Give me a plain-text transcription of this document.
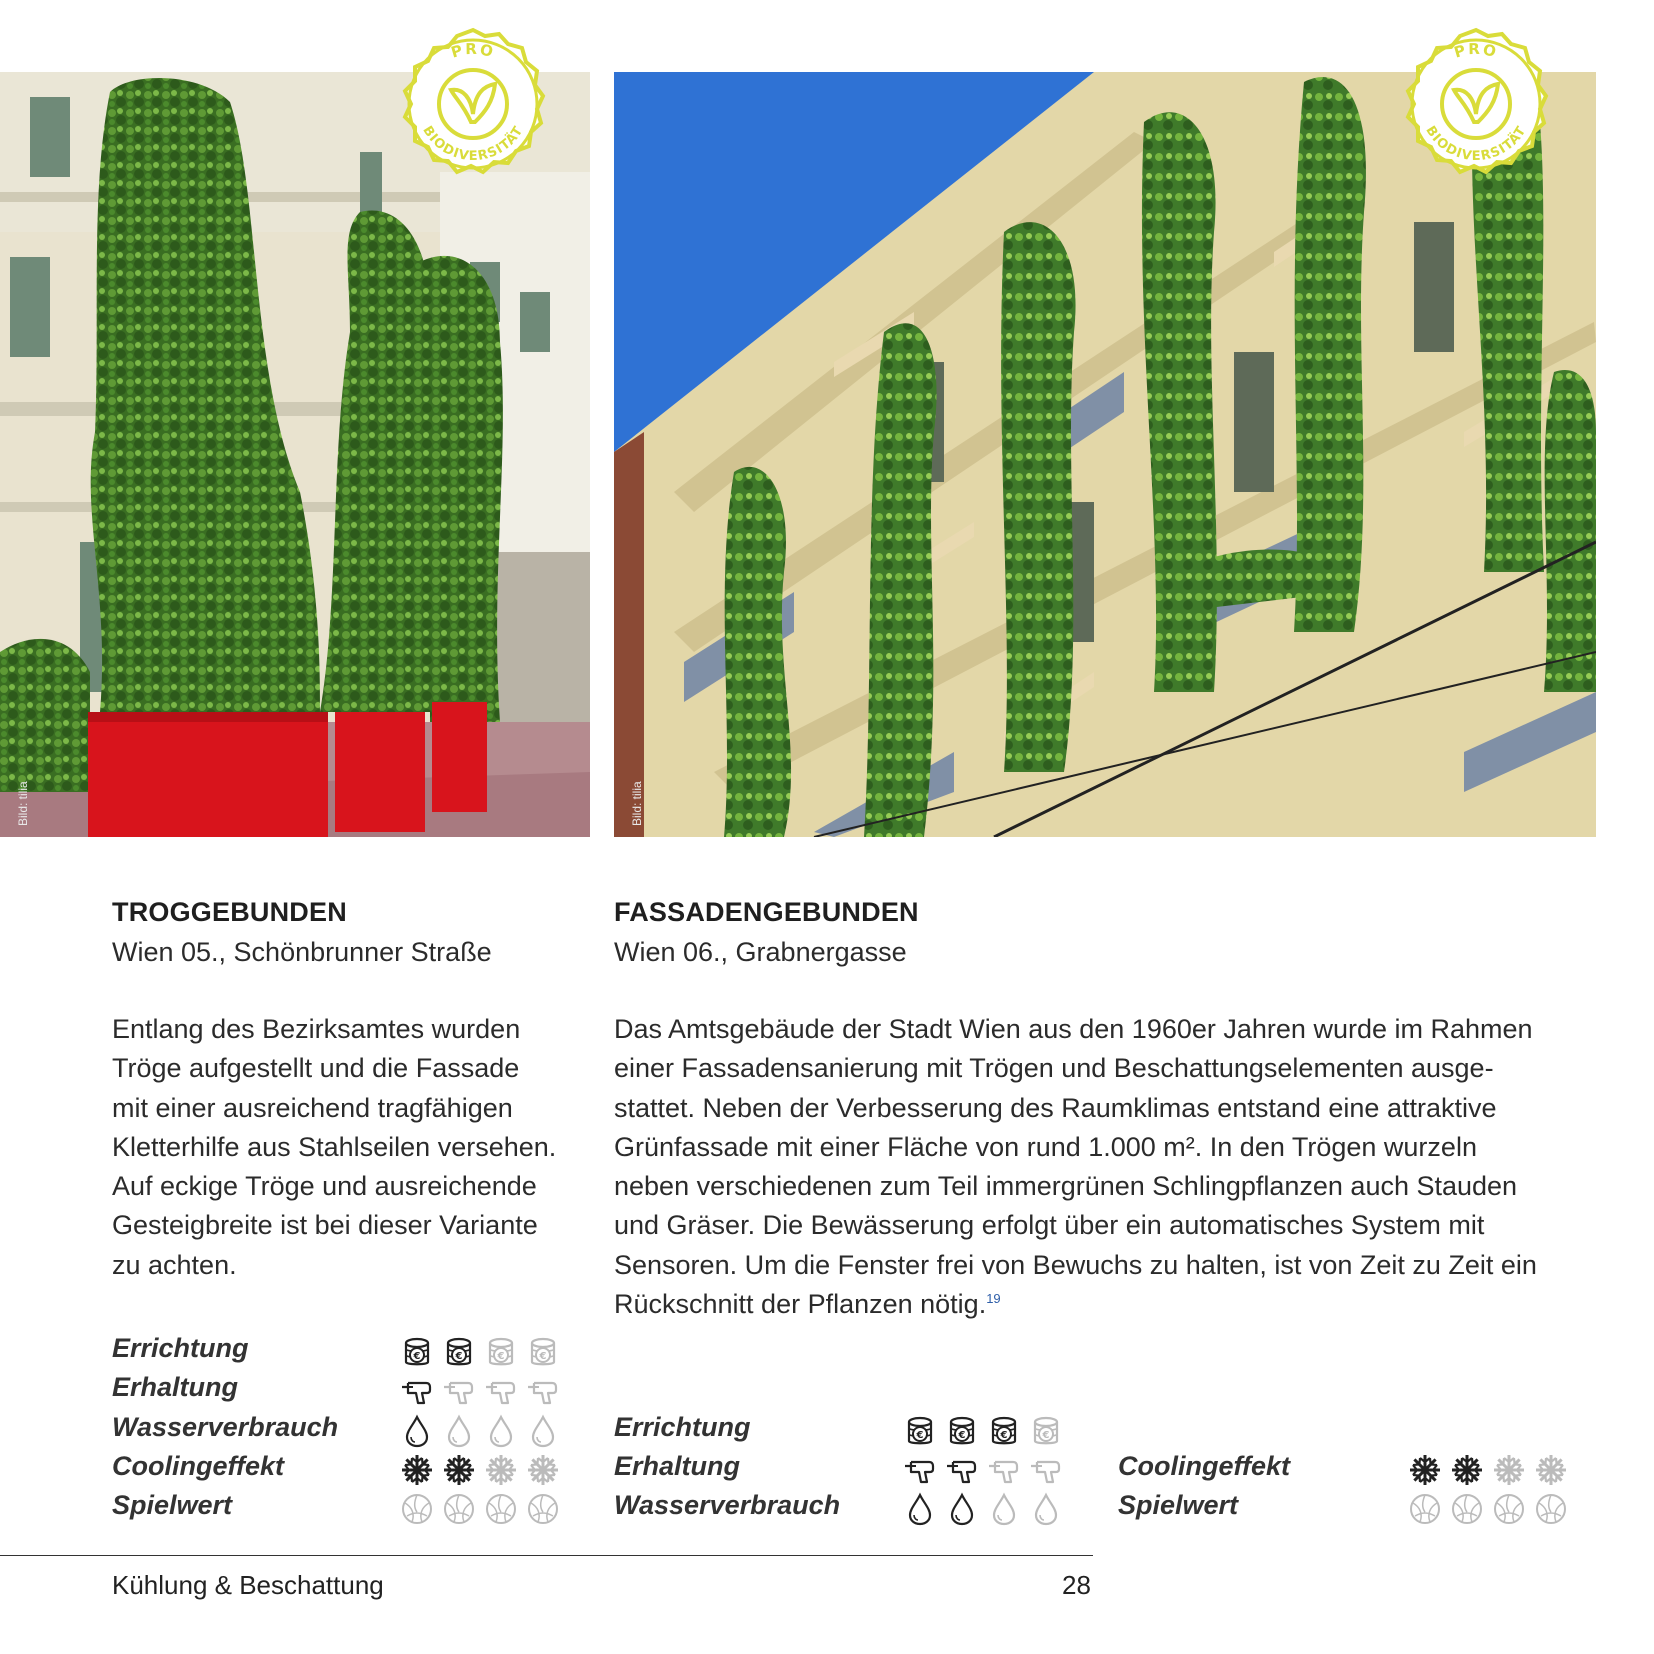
Bild: tilia	Bild: tilia
PRO
BIODIVERSITÄT
PRO
BIODIVERSITÄT
TROGGEBUNDEN
Wien 05., Schönbrunner Straße
Entlang des Bezirksamtes wurden
Tröge aufgestellt und die Fassade
mit einer ausreichend tragfähigen
Kletterhilfe aus Stahlseilen versehen.
Auf eckige Tröge und ausreichende
Gesteigbreite ist bei dieser Variante
zu achten.
FASSADENGEBUNDEN
Wien 06., Grabnergasse
Das Amtsgebäude der Stadt Wien aus den 1960er Jahren wurde im Rahmen
einer Fassadensanierung mit Trögen und Beschattungselementen ausge-
stattet. Neben der Verbesserung des Raumklimas entstand eine attraktive
Grünfassade mit einer Fläche von rund 1.000 m². In den Trögen wurzeln
neben verschiedenen zum Teil immergrünen Schlingpflanzen auch Stauden
und Gräser. Die Bewässerung erfolgt über ein automatisches System mit
Sensoren. Um die Fenster frei von Bewuchs zu halten, ist von Zeit zu Zeit ein
Rückschnitt der Pflanzen nötig.$^{19}$
Errichtung	€	€	€	€
Erhaltung
Wasserverbrauch
Coolingeffekt
Spielwert
Errichtung	€	€	€	€
Erhaltung
Wasserverbrauch
Coolingeffekt
Spielwert
Kühlung & Beschattung	28
